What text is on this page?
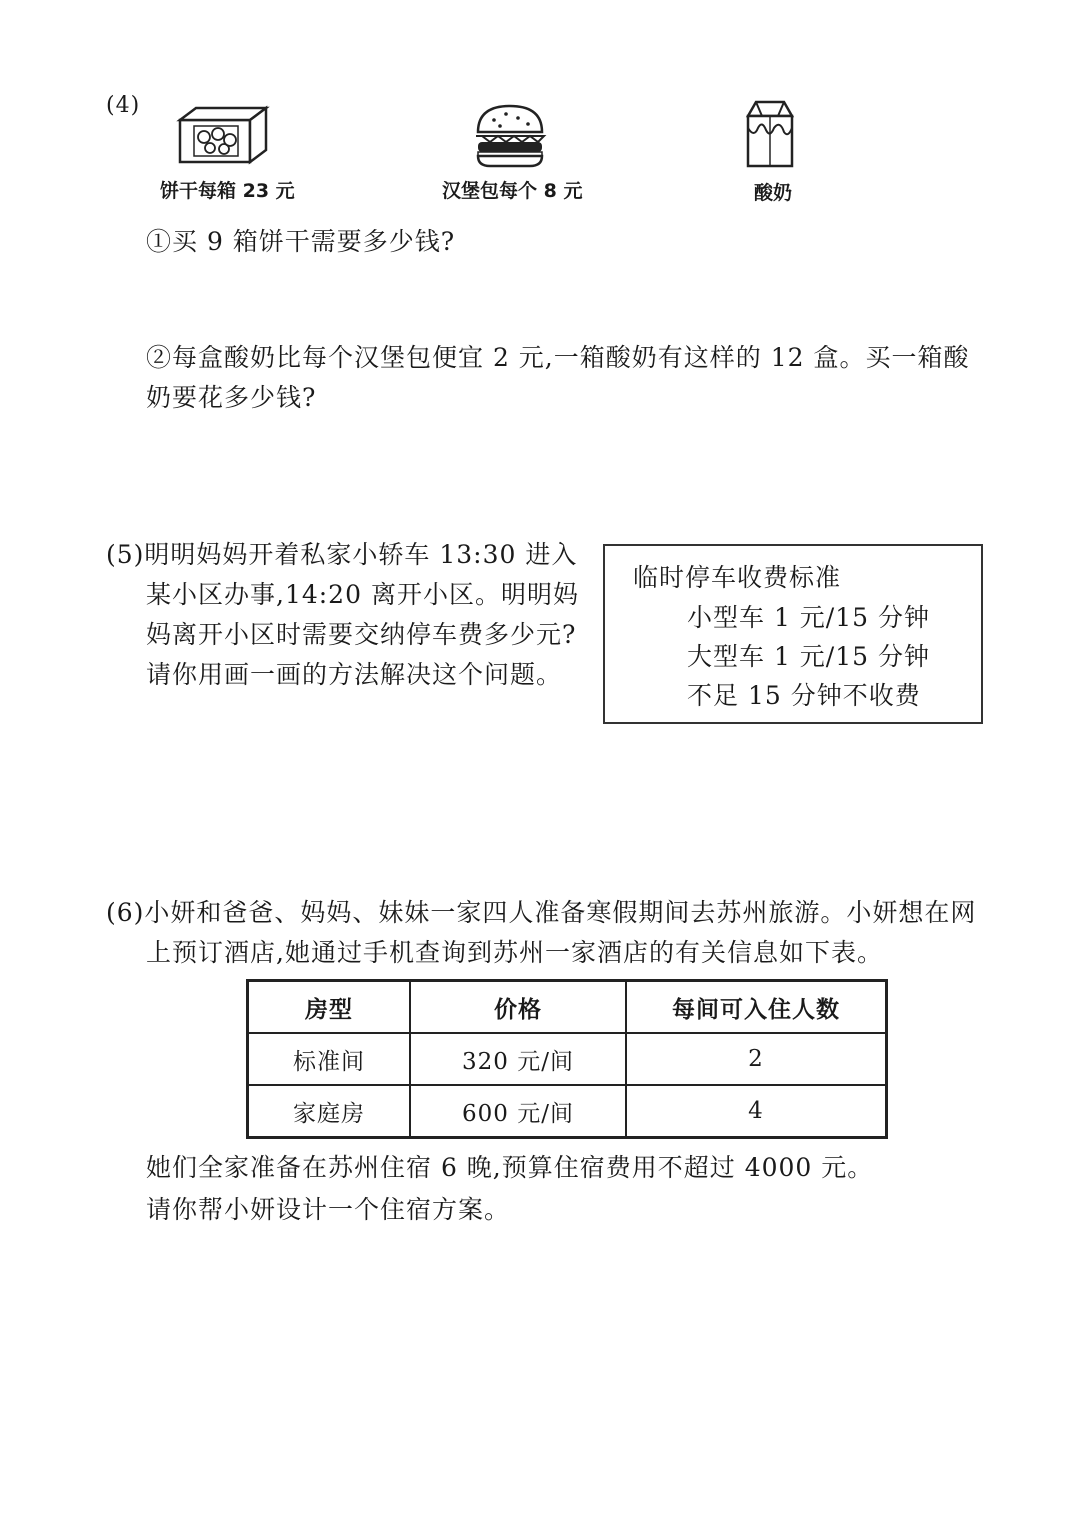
(4)
饼干每箱 23 元	汉堡包每个 8 元	酸奶
①买 9 箱饼干需要多少钱?
②每盒酸奶比每个汉堡包便宜 2 元,一箱酸奶有这样的 12 盒。买一箱酸
奶要花多少钱?
(5)明明妈妈开着私家小轿车 13:30 进入
某小区办事,14:20 离开小区。明明妈
妈离开小区时需要交纳停车费多少元?
请你用画一画的方法解决这个问题。
临时停车收费标准
小型车 1 元/15 分钟
大型车 1 元/15 分钟
不足 15 分钟不收费
(6)小妍和爸爸、妈妈、妹妹一家四人准备寒假期间去苏州旅游。小妍想在网
上预订酒店,她通过手机查询到苏州一家酒店的有关信息如下表。
房型	价格	每间可入住人数
标准间	320 元/间	2
家庭房	600 元/间	4
她们全家准备在苏州住宿 6 晚,预算住宿费用不超过 4000 元。
请你帮小妍设计一个住宿方案。
